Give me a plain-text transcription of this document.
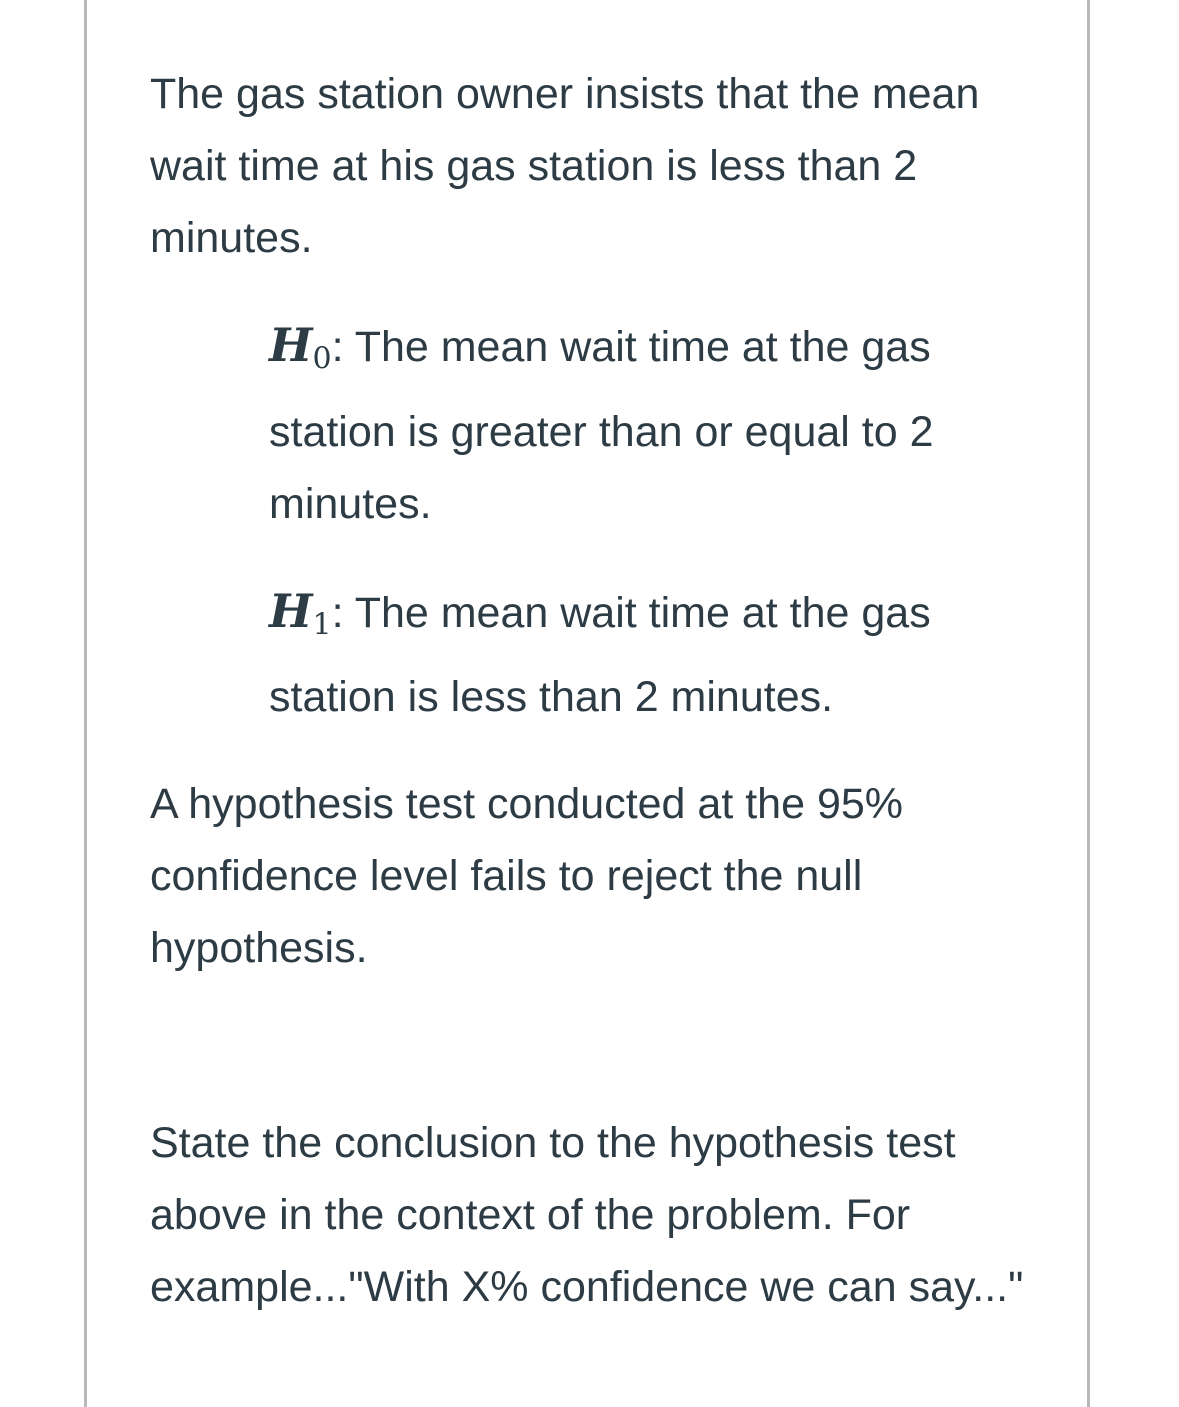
The gas station owner insists that the mean wait time at his gas station is less than 2 minutes.

H0: The mean wait time at the gas station is greater than or equal to 2 minutes.

H1: The mean wait time at the gas station is less than 2 minutes.

A hypothesis test conducted at the 95% confidence level fails to reject the null hypothesis.

State the conclusion to the hypothesis test above in the context of the problem. For example..."With X% confidence we can say..."
